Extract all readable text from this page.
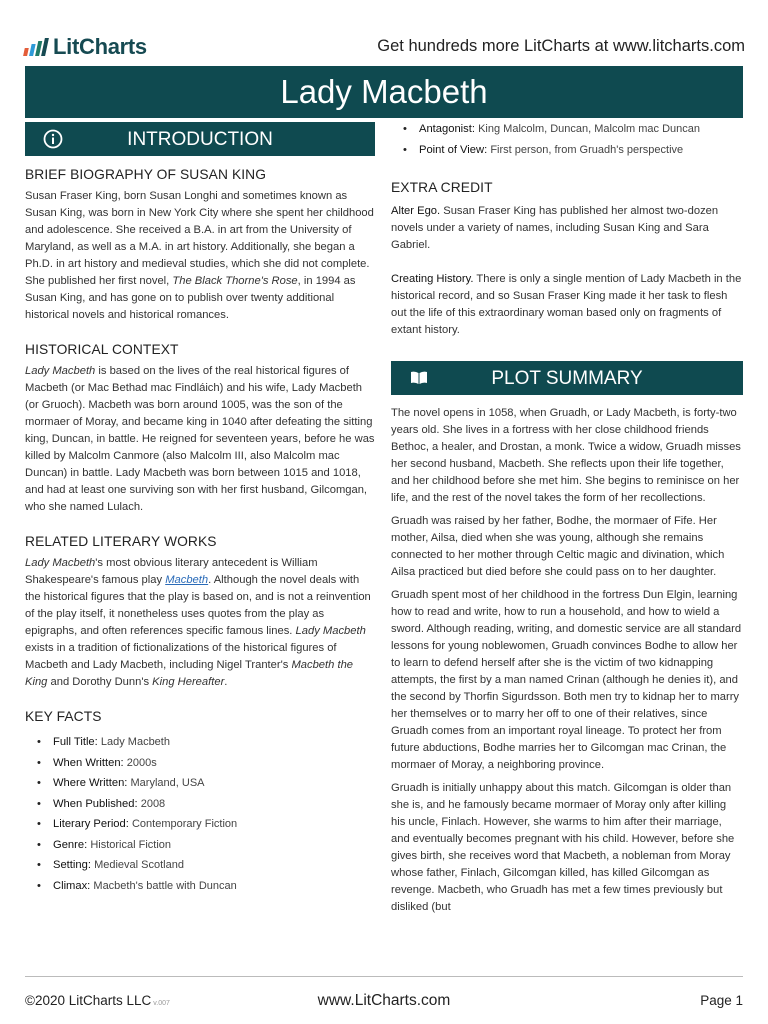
LitCharts	Get hundreds more LitCharts at www.litcharts.com
Lady Macbeth
INTRODUCTION
BRIEF BIOGRAPHY OF SUSAN KING

Susan Fraser King, born Susan Longhi and sometimes known as Susan King, was born in New York City where she spent her childhood and adolescence. She received a B.A. in art from the University of Maryland, as well as a M.A. in art history. Additionally, she began a Ph.D. in art history and medieval studies, which she did not complete. She published her first novel, The Black Thorne's Rose, in 1994 as Susan King, and has gone on to publish over twenty additional historical novels and historical romances.

HISTORICAL CONTEXT

Lady Macbeth is based on the lives of the real historical figures of Macbeth (or Mac Bethad mac Findláich) and his wife, Lady Macbeth (or Gruoch). Macbeth was born around 1005, was the son of the mormaer of Moray, and became king in 1040 after defeating the sitting king, Duncan, in battle. He reigned for seventeen years, before he was killed by Malcolm Canmore (also Malcolm III, also Malcolm mac Duncan) in battle. Lady Macbeth was born between 1015 and 1018, and had at least one surviving son with her first husband, Gilcomgan, who she named Lulach.

RELATED LITERARY WORKS

Lady Macbeth's most obvious literary antecedent is William Shakespeare's famous play Macbeth. Although the novel deals with the historical figures that the play is based on, and is not a reinvention of the play itself, it nonetheless uses quotes from the play as epigraphs, and often references specific famous lines. Lady Macbeth exists in a tradition of fictionalizations of the historical figures of Macbeth and Lady Macbeth, including Nigel Tranter's Macbeth the King and Dorothy Dunn's King Hereafter.

KEY FACTS
• Full Title: Lady Macbeth
• When Written: 2000s
• Where Written: Maryland, USA
• When Published: 2008
• Literary Period: Contemporary Fiction
• Genre: Historical Fiction
• Setting: Medieval Scotland
• Climax: Macbeth's battle with Duncan
• Antagonist: King Malcolm, Duncan, Malcolm mac Duncan
• Point of View: First person, from Gruadh's perspective
EXTRA CREDIT

Alter Ego. Susan Fraser King has published her almost two-dozen novels under a variety of names, including Susan King and Sara Gabriel.

Creating History. There is only a single mention of Lady Macbeth in the historical record, and so Susan Fraser King made it her task to flesh out the life of this extraordinary woman based only on fragments of extant history.

PLOT SUMMARY

The novel opens in 1058, when Gruadh, or Lady Macbeth, is forty-two years old. She lives in a fortress with her close childhood friends Bethoc, a healer, and Drostan, a monk. Twice a widow, Gruadh misses her second husband, Macbeth. She reflects upon their life together, and her childhood before she met him. She begins to reminisce on her life, and the rest of the novel takes the form of her recollections.

Gruadh was raised by her father, Bodhe, the mormaer of Fife. Her mother, Ailsa, died when she was young, although she remains connected to her mother through Celtic magic and divination, which Ailsa practiced but died before she could pass on to her daughter.

Gruadh spent most of her childhood in the fortress Dun Elgin, learning how to read and write, how to run a household, and how to wield a sword. Although reading, writing, and domestic service are all standard lessons for young noblewomen, Gruadh convinces Bodhe to allow her to learn to defend herself after she is the victim of two kidnapping attempts, the first by a man named Crinan (although he denies it), and the second by Thorfin Sigurdsson. Both men try to kidnap her to marry her themselves or to marry her off to one of their relatives, since Gruadh comes from an important royal lineage. To protect her from future abductions, Bodhe marries her to Gilcomgan mac Crinan, the mormaer of Moray, a neighboring province.

Gruadh is initially unhappy about this match. Gilcomgan is older than she is, and he famously became mormaer of Moray only after killing his uncle, Finlach. However, she warms to him after their marriage, and eventually becomes pregnant with his child. However, before she gives birth, she receives word that Macbeth, a nobleman from Moray whose father, Finlach, Gilcomgan killed, has killed Gilcomgan as revenge. Macbeth, who Gruadh has met a few times previously but disliked (but

©2020 LitCharts LLC v.007	www.LitCharts.com	Page 1
